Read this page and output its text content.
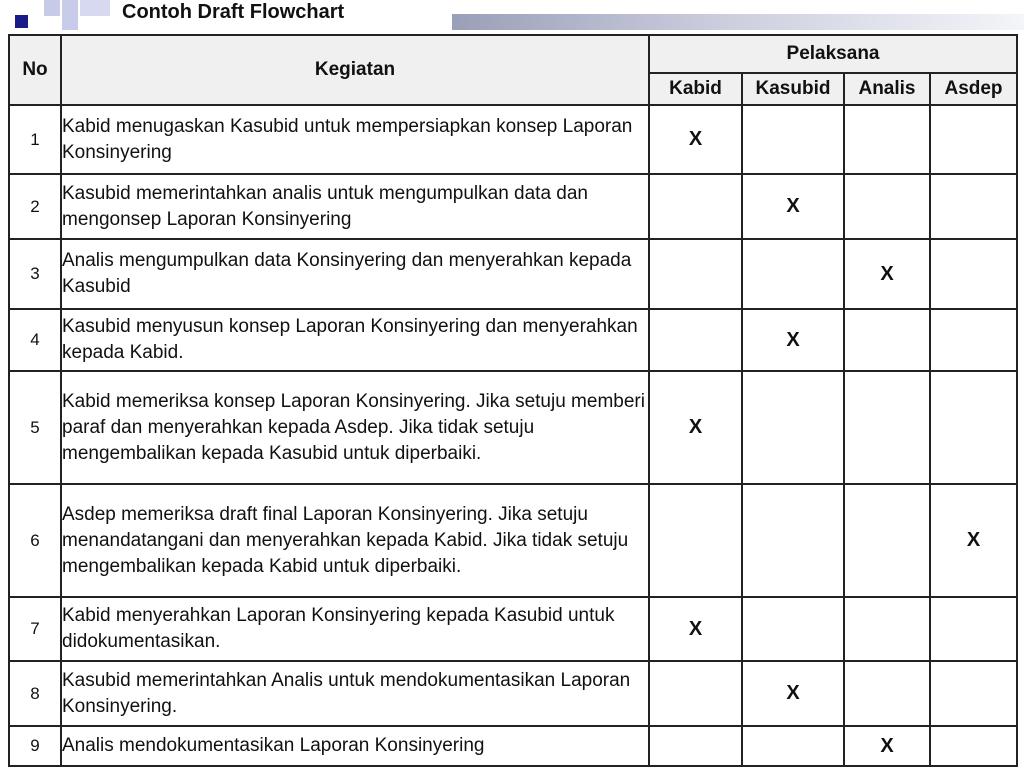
Contoh Draft Flowchart
No	Kegiatan	Pelaksana			
		Kabid	Kasubid	Analis	Asdep
1	Kabid menugaskan Kasubid untuk mempersiapkan konsep Laporan Konsinyering	X			
2	Kasubid memerintahkan analis untuk mengumpulkan data dan mengonsep Laporan Konsinyering		X		
3	Analis mengumpulkan data Konsinyering dan menyerahkan kepada Kasubid			X	
4	Kasubid menyusun konsep Laporan Konsinyering dan menyerahkan kepada Kabid.		X		
5	Kabid memeriksa konsep Laporan Konsinyering. Jika setuju memberi paraf dan menyerahkan kepada Asdep. Jika tidak setuju mengembalikan kepada Kasubid untuk diperbaiki.	X			
6	Asdep memeriksa draft final Laporan Konsinyering. Jika setuju menandatangani dan menyerahkan kepada Kabid. Jika tidak setuju mengembalikan kepada Kabid untuk diperbaiki.				X
7	Kabid menyerahkan Laporan Konsinyering kepada Kasubid untuk didokumentasikan.	X			
8	Kasubid memerintahkan Analis untuk mendokumentasikan Laporan Konsinyering.		X		
9	Analis mendokumentasikan Laporan Konsinyering			X	
